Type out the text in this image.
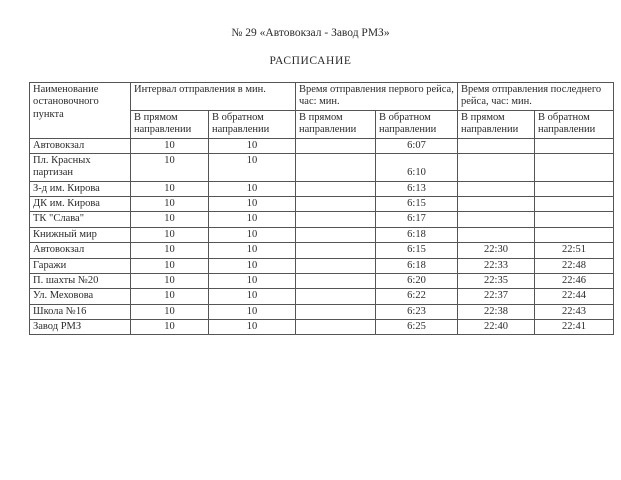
№ 29 «Автовокзал - Завод РМЗ»
РАСПИСАНИЕ
Наименование остановочного пункта	Интервал отправления в мин.		Время отправления первого рейса, час: мин.		Время отправления последнего рейса, час: мин.	
	В прямом направлении	В обратном направлении	В прямом направлении	В обратном направлении	В прямом направлении	В обратном направлении
Автовокзал	10	10		6:07		
Пл. Красных партизан	10	10		6:10		
З-д им. Кирова	10	10		6:13		
ДК им. Кирова	10	10		6:15		
ТК "Слава"	10	10		6:17		
Книжный мир	10	10		6:18		
Автовокзал	10	10		6:15	22:30	22:51
Гаражи	10	10		6:18	22:33	22:48
П. шахты №20	10	10		6:20	22:35	22:46
Ул. Меховова	10	10		6:22	22:37	22:44
Школа №16	10	10		6:23	22:38	22:43
Завод РМЗ	10	10		6:25	22:40	22:41
